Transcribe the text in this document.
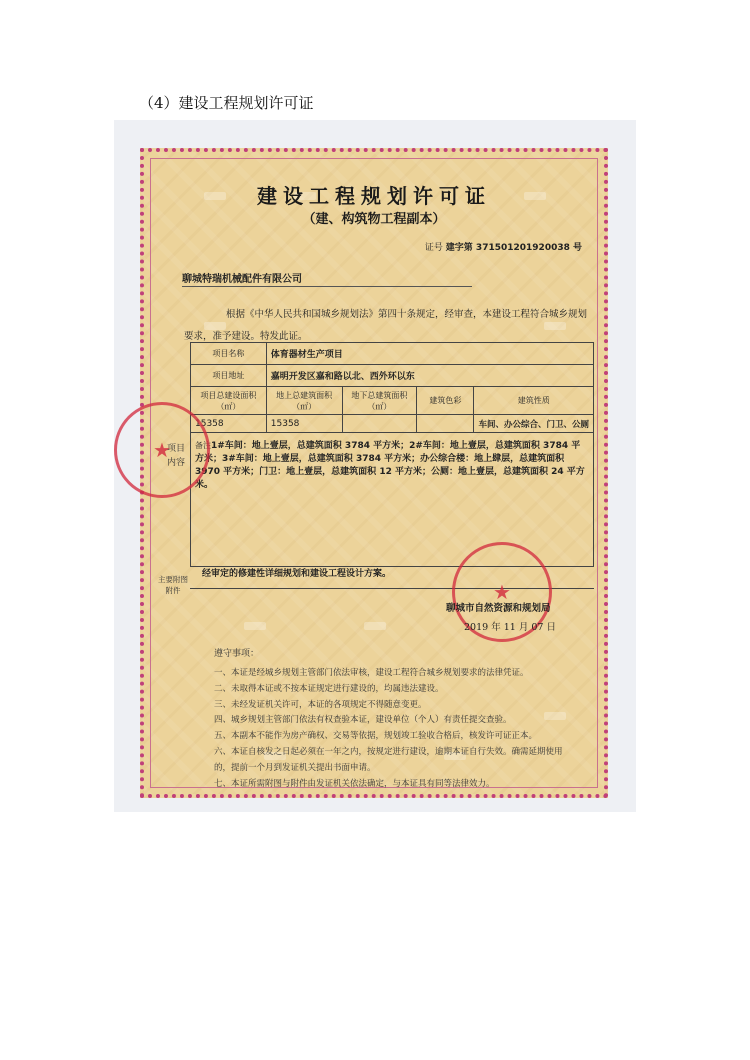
（4）建设工程规划许可证
建设工程规划许可证
（建、构筑物工程副本）
证号 建字第 371501201920038 号
聊城特瑞机械配件有限公司
根据《中华人民共和国城乡规划法》第四十条规定，经审查，本建设工程符合城乡规划要求，准予建设。特发此证。
项目名称	体育器材生产项目			
项目地址	嘉明开发区嘉和路以北、西外环以东			
项目总建设面积（㎡）	地上总建筑面积（㎡）	地下总建筑面积（㎡）	建筑色彩	建筑性质
15358	15358			车间、办公综合、门卫、公厕
备注1#车间：地上壹层，总建筑面积 3784 平方米；2#车间：地上壹层，总建筑面积 3784 平方米；3#车间：地上壹层，总建筑面积 3784 平方米；办公综合楼：地上肆层，总建筑面积 3970 平方米；门卫：地上壹层，总建筑面积 12 平方米；公厕：地上壹层，总建筑面积 24 平方米。				
项目内容
主要附图附件
经审定的修建性详细规划和建设工程设计方案。
★
★
聊城市自然资源和规划局
2019 年 11 月 07 日
遵守事项：
一、本证是经城乡规划主管部门依法审核，建设工程符合城乡规划要求的法律凭证。
二、未取得本证或不按本证规定进行建设的，均属违法建设。
三、未经发证机关许可，本证的各项规定不得随意变更。
四、城乡规划主管部门依法有权查验本证，建设单位（个人）有责任提交查验。
五、本副本不能作为房产确权、交易等依据，规划竣工验收合格后，核发许可证正本。
六、本证自核发之日起必须在一年之内，按规定进行建设，逾期本证自行失效。确需延期使用的，提前一个月到发证机关提出书面申请。
七、本证所需附图与附件由发证机关依法确定，与本证具有同等法律效力。
